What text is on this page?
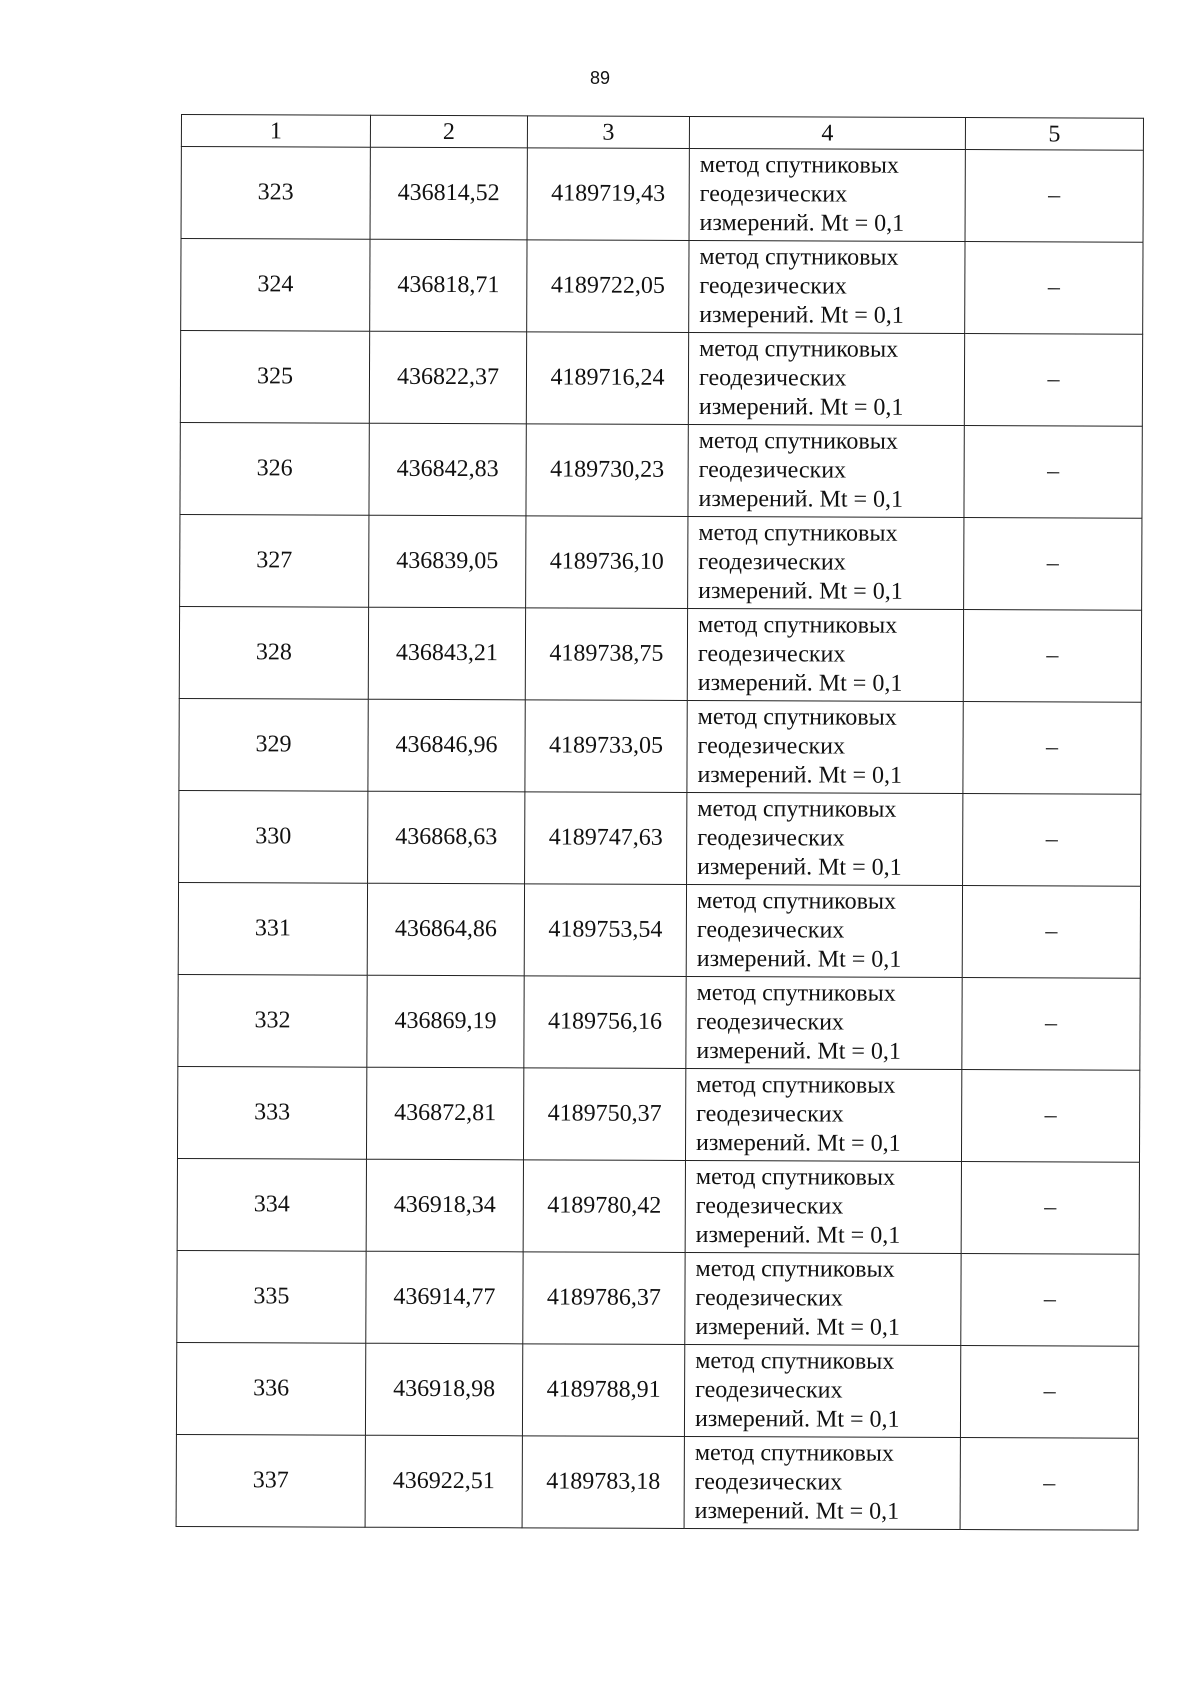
89
1	2	3	4	5
323	436814,52	4189719,43	метод спутниковых геодезических измерений. Mt = 0,1	–
324	436818,71	4189722,05	метод спутниковых геодезических измерений. Mt = 0,1	–
325	436822,37	4189716,24	метод спутниковых геодезических измерений. Mt = 0,1	–
326	436842,83	4189730,23	метод спутниковых геодезических измерений. Mt = 0,1	–
327	436839,05	4189736,10	метод спутниковых геодезических измерений. Mt = 0,1	–
328	436843,21	4189738,75	метод спутниковых геодезических измерений. Mt = 0,1	–
329	436846,96	4189733,05	метод спутниковых геодезических измерений. Mt = 0,1	–
330	436868,63	4189747,63	метод спутниковых геодезических измерений. Mt = 0,1	–
331	436864,86	4189753,54	метод спутниковых геодезических измерений. Mt = 0,1	–
332	436869,19	4189756,16	метод спутниковых геодезических измерений. Mt = 0,1	–
333	436872,81	4189750,37	метод спутниковых геодезических измерений. Mt = 0,1	–
334	436918,34	4189780,42	метод спутниковых геодезических измерений. Mt = 0,1	–
335	436914,77	4189786,37	метод спутниковых геодезических измерений. Mt = 0,1	–
336	436918,98	4189788,91	метод спутниковых геодезических измерений. Mt = 0,1	–
337	436922,51	4189783,18	метод спутниковых геодезических измерений. Mt = 0,1	–
